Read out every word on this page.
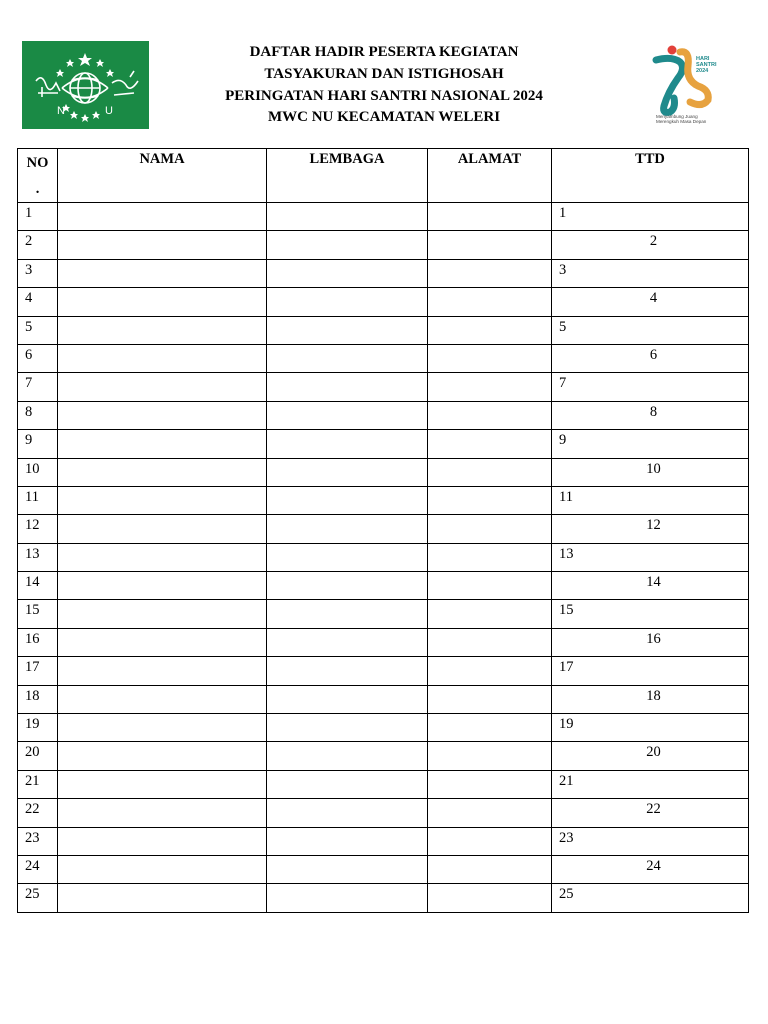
N	U
DAFTAR HADIR PESERTA KEGIATAN
TASYAKURAN DAN ISTIGHOSAH
PERINGATAN HARI SANTRI NASIONAL 2024
MWC NU KECAMATAN WELERI
HARI
SANTRI
2024
Menyambung Juang
Merengkuh Masa Depan
NO
.	NAMA	LEMBAGA	ALAMAT	TTD
1				1
2				2
3				3
4				4
5				5
6				6
7				7
8				8
9				9
10				10
11				11
12				12
13				13
14				14
15				15
16				16
17				17
18				18
19				19
20				20
21				21
22				22
23				23
24				24
25				25
